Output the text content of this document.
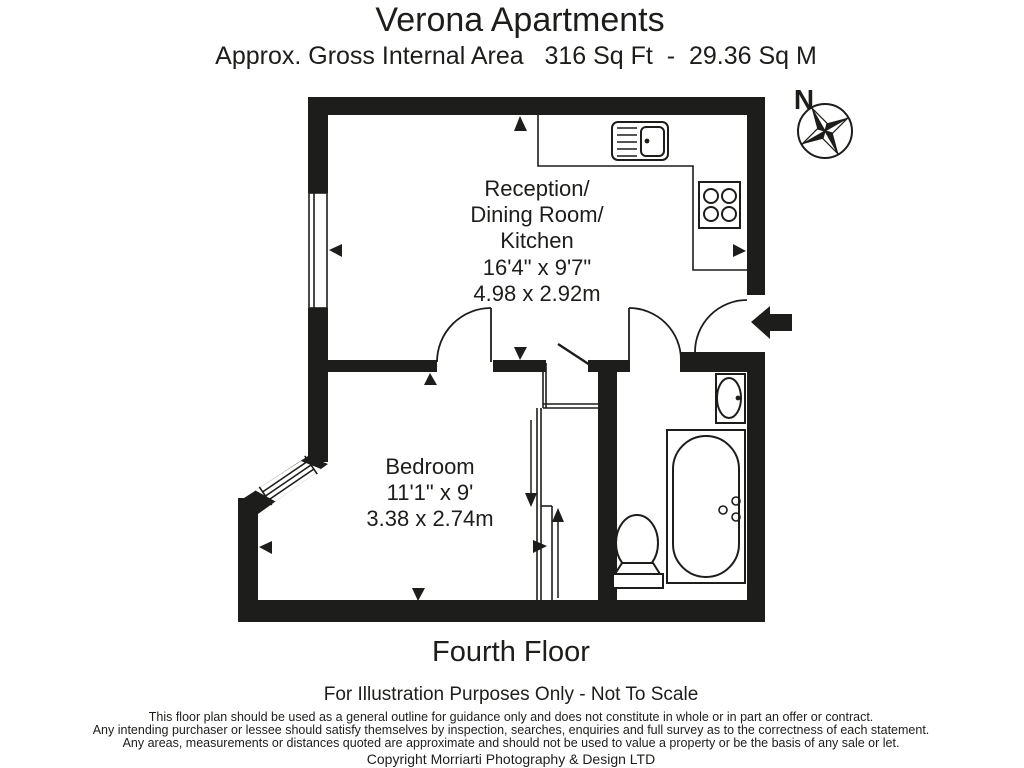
Verona Apartments
Approx. Gross Internal Area   316 Sq Ft  -  29.36 Sq M
Reception/
Dining Room/
Kitchen
16'4" x 9'7"
4.98 x 2.92m
Bedroom
11'1" x 9'
3.38 x 2.74m
N
Fourth Floor
For Illustration Purposes Only - Not To Scale
This floor plan should be used as a general outline for guidance only and does not constitute in whole or in part an offer or contract.
Any intending purchaser or lessee should satisfy themselves by inspection, searches, enquiries and full survey as to the correctness of each statement.
Any areas, measurements or distances quoted are approximate and should not be used to value a property or be the basis of any sale or let.
Copyright Morriarti Photography & Design LTD
